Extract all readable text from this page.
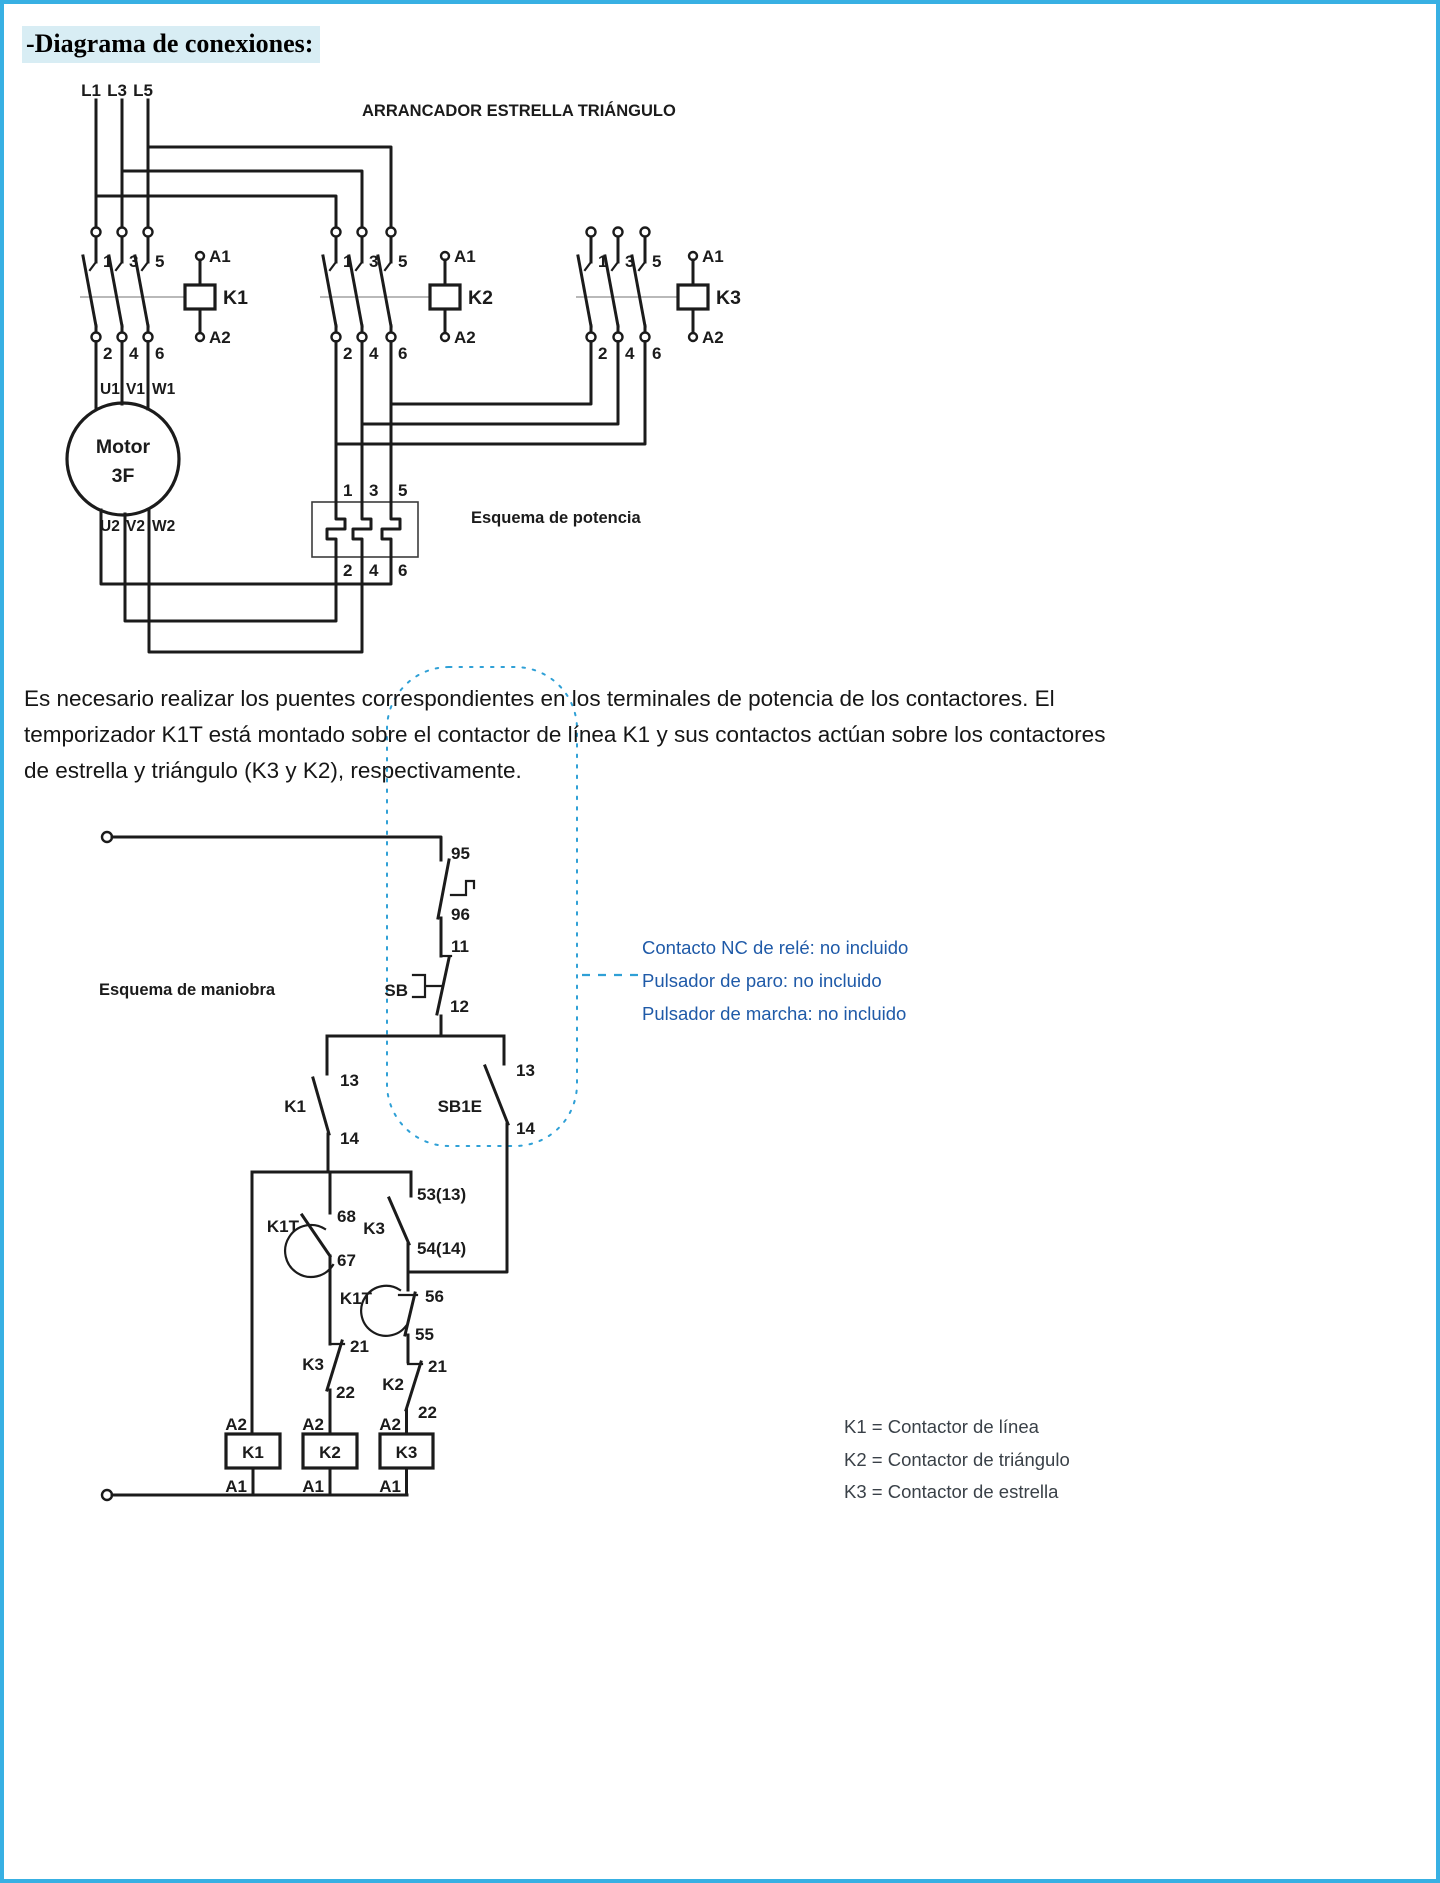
-Diagrama de conexiones:
ARRANCADOR ESTRELLA TRIÁNGULO
Esquema de potencia
L1 L3 L5
1 3 5
2 4 6
A1
A2
K1
1 3 5
2 4 6
A1
A2
K2
1 3 5
2 4 6
A1
A2
K3
U1 V1 W1
Motor
3F
U2 V2 W2
1 3 5
2 4 6
Esquema de maniobra
95
96
11
SB
12
13
K1
14
13
SB1E
14
68
K1T
67
21
K3
22
53(13)
K3
54(14)
56
K1T
55
21
K2
22
A2	A2	A2
K1	K2	K3
A1	A1	A1
Es necesario realizar los puentes correspondientes en los terminales de potencia de los contactores. El
temporizador K1T está montado sobre el contactor de línea K1 y sus contactos actúan sobre los contactores
de estrella y triángulo (K3 y K2), respectivamente.
Contacto NC de relé: no incluido
Pulsador de paro: no incluido
Pulsador de marcha: no incluido
K1 = Contactor de línea
K2 = Contactor de triángulo
K3 = Contactor de estrella
